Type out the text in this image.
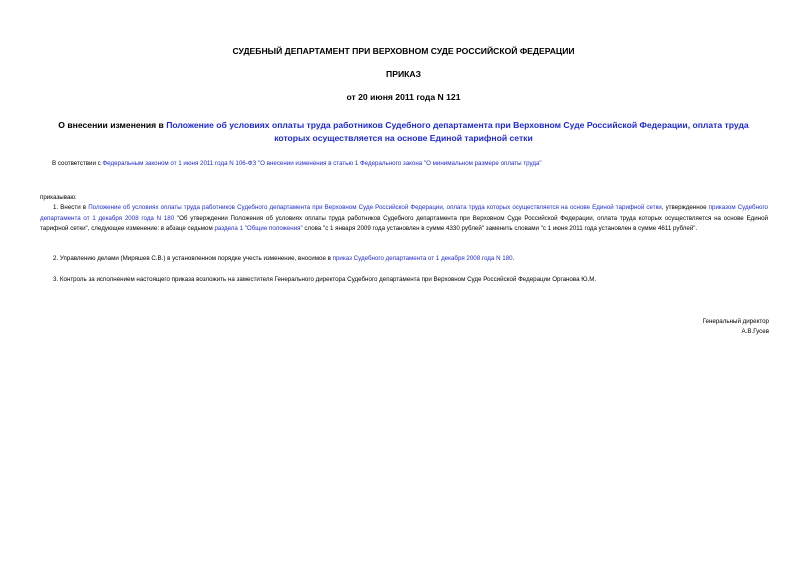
СУДЕБНЫЙ ДЕПАРТАМЕНТ ПРИ ВЕРХОВНОМ СУДЕ РОССИЙСКОЙ ФЕДЕРАЦИИ
ПРИКАЗ
от 20 июня 2011 года N 121
О внесении изменения в Положение об условиях оплаты труда работников Судебного департамента при Верховном Суде Российской Федерации, оплата труда которых осуществляется на основе Единой тарифной сетки
В соответствии с Федеральным законом от 1 июня 2011 года N 106-ФЗ "О внесении изменения в статью 1 Федерального закона "О минимальном размере оплаты труда"
приказываю:
1. Внести в Положение об условиях оплаты труда работников Судебного департамента при Верховном Суде Российской Федерации, оплата труда которых осуществляется на основе Единой тарифной сетки, утвержденное приказом Судебного департамента от 1 декабря 2008 года N 180 "Об утверждении Положения об условиях оплаты труда работников Судебного департамента при Верховном Суде Российской Федерации, оплата труда которых осуществляется на основе Единой тарифной сетки", следующее изменение: в абзаце седьмом раздела 1 "Общие положения" слова "с 1 января 2009 года установлен в сумме 4330 рублей" заменить словами "с 1 июня 2011 года установлен в сумме 4611 рублей".
2. Управлению делами (Миряшев С.В.) в установленном порядке учесть изменение, вносимое в приказ Судебного департамента от 1 декабря 2008 года N 180.
3. Контроль за исполнением настоящего приказа возложить на заместителя Генерального директора Судебного департамента при Верховном Суде Российской Федерации Органова Ю.М.
Генеральный директор
А.В.Гусев
